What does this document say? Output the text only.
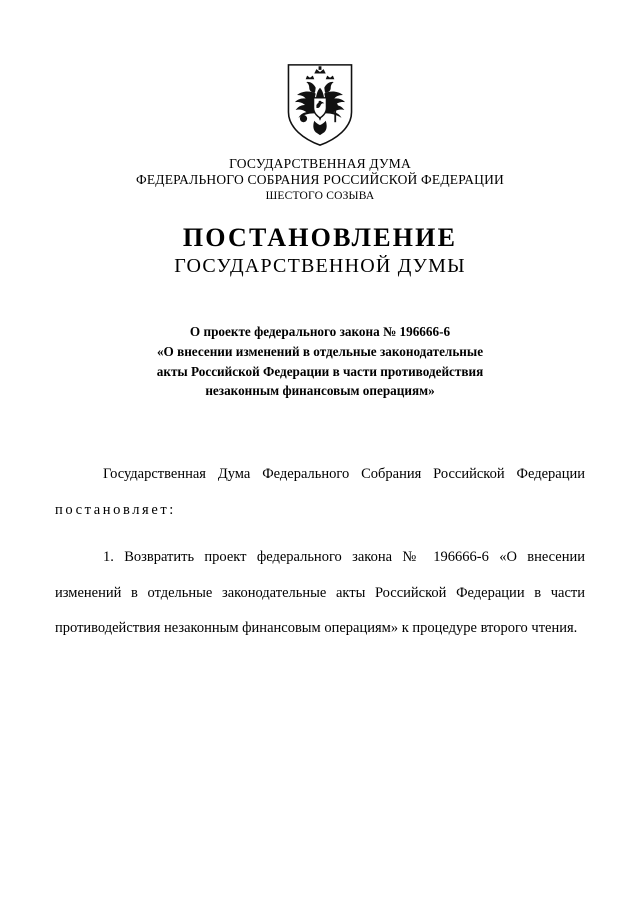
ГОСУДАРСТВЕННАЯ ДУМА
ФЕДЕРАЛЬНОГО СОБРАНИЯ РОССИЙСКОЙ ФЕДЕРАЦИИ
ШЕСТОГО СОЗЫВА
ПОСТАНОВЛЕНИЕ
ГОСУДАРСТВЕННОЙ ДУМЫ
О проекте федерального закона № 196666-6
«О внесении изменений в отдельные законодательные
акты Российской Федерации в части противодействия
незаконным финансовым операциям»

Государственная Дума Федерального Собрания Российской Федерации постановляет:

1. Возвратить проект федерального закона № 196666-6 «О внесении изменений в отдельные законодательные акты Российской Федерации в части противодействия незаконным финансовым операциям» к процедуре второго чтения.
